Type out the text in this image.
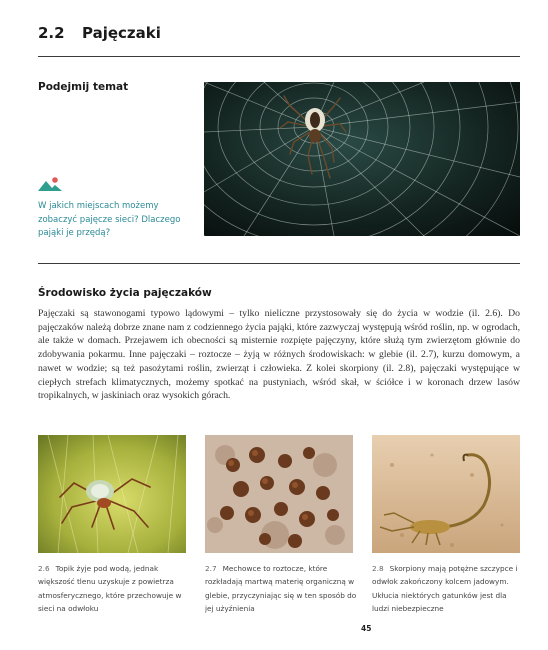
2.2 Pajęczaki
Podejmij temat
W jakich miejscach możemy zobaczyć pajęcze sieci? Dlaczego pająki je przędą?
Środowisko życia pajęczaków

Pajęczaki są stawonogami typowo lądowymi – tylko nieliczne przystosowały się do życia w wodzie (il. 2.6). Do pajęczaków należą dobrze znane nam z codziennego życia pająki, które zazwyczaj występują wśród roślin, np. w ogrodach, ale także w domach. Przejawem ich obecności są misternie rozpięte pajęczyny, które służą tym zwierzętom głównie do zdobywania pokarmu. Inne pajęczaki – roztocze – żyją w różnych środowiskach: w glebie (il. 2.7), kurzu domowym, a nawet w wodzie; są też pasożytami roślin, zwierząt i człowieka. Z kolei skorpiony (il. 2.8), pajęczaki występujące w ciepłych strefach klimatycznych, możemy spotkać na pustyniach, wśród skał, w ściółce i w koronach drzew lasów tropikalnych, w jaskiniach oraz wysokich górach.

2.6 Topik żyje pod wodą, jednak większość tlenu uzyskuje z powietrza atmosferycznego, które przechowuje w sieci na odwłoku
2.7 Mechowce to roztocze, które rozkładają martwą materię organiczną w glebie, przyczyniając się w ten sposób do jej użyźnienia
2.8 Skorpiony mają potężne szczypce i odwłok zakończony kolcem jadowym. Ukłucia niektórych gatunków jest dla ludzi niebezpieczne
45
